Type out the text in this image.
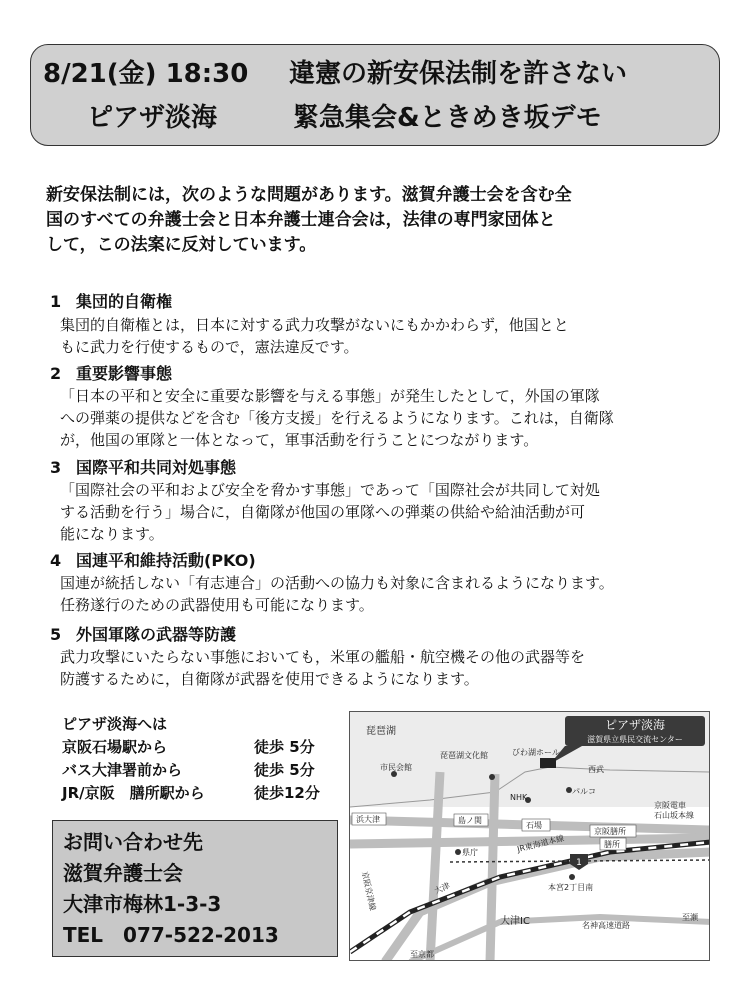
8/21(金) 18:30 違憲の新安保法制を許さない
ピアザ淡海	緊急集会&ときめき坂デモ

新安保法制には，次のような問題があります。滋賀弁護士会を含む全
国のすべての弁護士会と日本弁護士連合会は，法律の専門家団体と
して，この法案に反対しています。

1 集団的自衛権

集団的自衛権とは，日本に対する武力攻撃がないにもかかわらず，他国とと
もに武力を行使するもので，憲法違反です。

2 重要影響事態

「日本の平和と安全に重要な影響を与える事態」が発生したとして，外国の軍隊
への弾薬の提供などを含む「後方支援」を行えるようになります。これは，自衛隊
が，他国の軍隊と一体となって，軍事活動を行うことにつながります。

3 国際平和共同対処事態

「国際社会の平和および安全を脅かす事態」であって「国際社会が共同して対処
する活動を行う」場合に，自衛隊が他国の軍隊への弾薬の供給や給油活動が可
能になります。

4 国連平和維持活動(PKO)

国連が統括しない「有志連合」の活動への協力も対象に含まれるようになります。
任務遂行のための武器使用も可能になります。

5 外国軍隊の武器等防護

武力攻撃にいたらない事態においても，米軍の艦船・航空機その他の武器等を
防護するために，自衛隊が武器を使用できるようになります。

ピアザ淡海へは
京阪石場駅から	徒歩 5分
バス大津署前から	徒歩 5分
JR/京阪　膳所駅から	徒歩12分
お問い合わせ先
滋賀弁護士会
大津市梅林1-3-3
TEL　077-522-2013
ピアザ淡海
滋賀県立県民交流センター
1
琵琶湖
市民会館
琵琶湖文化館	びわ湖ホール
西武
NHK
パルコ
京阪電車
石山坂本線
浜大津	島ノ関
石場
京阪膳所
膳所
JR東海道本線
県庁
京阪京津線	大津	本宮2丁目南
大津IC	名神高速道路
至瀬
至京都
